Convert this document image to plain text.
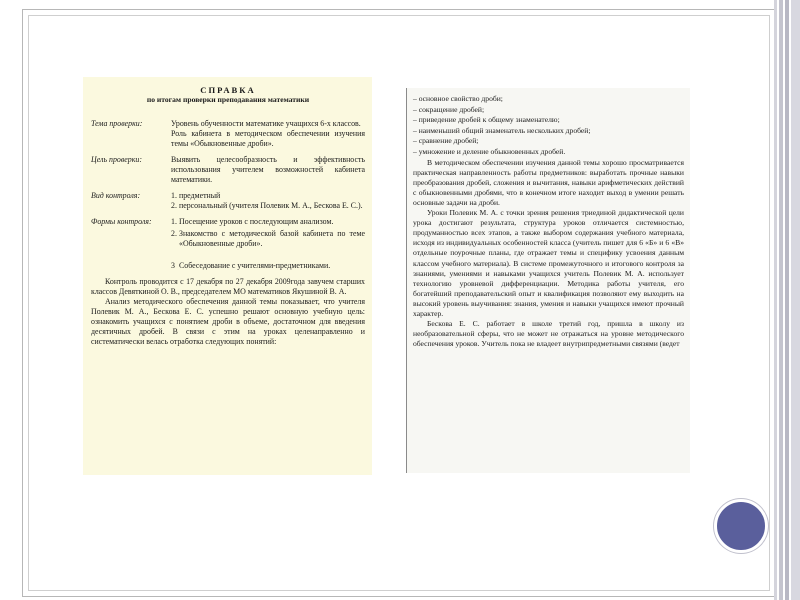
СПРАВКА
по итогам проверки преподавания математики
Тема проверки:	Уровень обученности математике учащихся 6-х классов.
Роль кабинета в методическом обеспечении изучения темы «Обыкновенные дроби».
Цель проверки:	Выявить целесообразность и эффективность использования учителем возможностей кабинета математики.
Вид контроля:	1. предметный
2. персональный (учителя Полевик М. А., Бескова Е. С.).
Формы контроля:	1. Посещение уроков с последующим анализом.
2. Знакомство с методической базой кабинета по теме «Обыкновенные дроби».
3 Собеседование с учителями-предметниками.

Контроль проводится с 17 декабря по 27 декабря 2009года завучем старших классов Девяткиной О. В., председателем МО математиков Якушиной В. А.

Анализ методического обеспечения данной темы показывает, что учителя Полевик М. А., Бескова Е. С. успешно решают основную учебную цель: ознакомить учащихся с понятием дроби в объеме, достаточном для введения десятичных дробей. В связи с этим на уроках целенаправленно и систематически велась отработка следующих понятий:

– основное свойство дроби;

– сокращение дробей;

– приведение дробей к общему знаменателю;

– наименьший общий знаменатель нескольких дробей;

– сравнение дробей;

– умножение и деление обыкновенных дробей.

В методическом обеспечении изучения данной темы хорошо просматривается практическая направленность работы предметников: выработать прочные навыки преобразования дробей, сложения и вычитания, навыки арифметических действий с обыкновенными дробями, что в конечном итоге находит выход в умении решать основные задачи на дроби.

Уроки Полевик М. А. с точки зрения решения триединой дидактической цели урока достигают результата, структура уроков отличается системностью, продуманностью всех этапов, а также выбором содержания учебного материала, исходя из индивидуальных особенностей класса (учитель пишет для 6 «Б» и 6 «В» отдельные поурочные планы, где отражает темы и специфику усвоения данным классом учебного материала). В системе промежуточного и итогового контроля за знаниями, умениями и навыками учащихся учитель Полевик М. А. использует технологию уровневой дифференциации. Методика работы учителя, его богатейший преподавательский опыт и квалификация позволяют ему выходить на высокий уровень выучивания: знания, умения и навыки учащихся имеют прочный характер.

Бескова Е. С. работает в школе третий год, пришла в школу из необразовательной сферы, что не может не отражаться на уровне методического обеспечения уроков. Учитель пока не владеет внутрипредметными связями (ведет
